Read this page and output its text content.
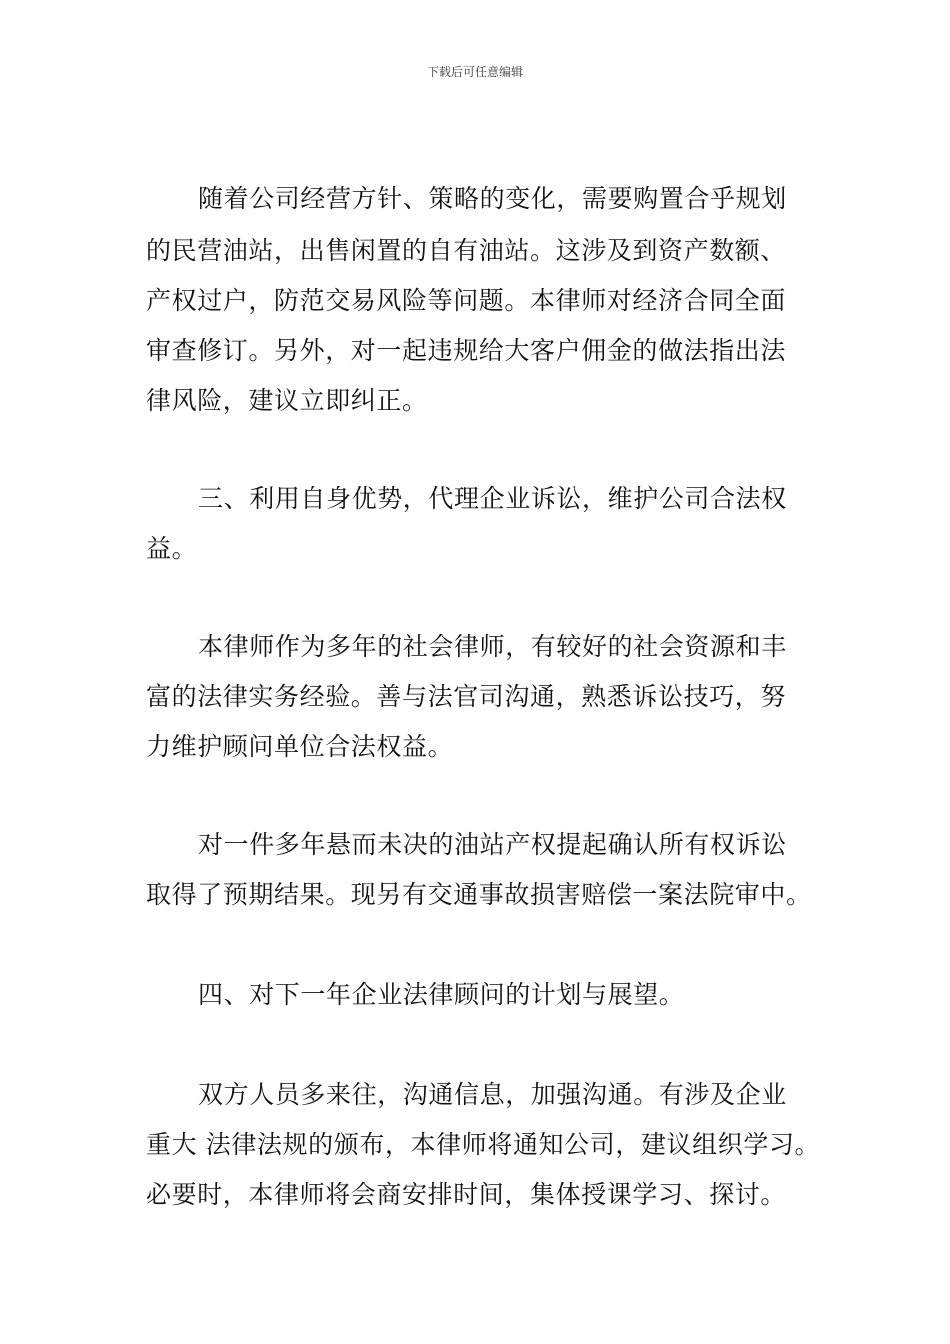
下载后可任意编辑
随着公司经营方针、策略的变化，需要购置合乎规划
的民营油站，出售闲置的自有油站。这涉及到资产数额、
产权过户，防范交易风险等问题。本律师对经济合同全面
审查修订。另外，对一起违规给大客户佣金的做法指出法
律风险，建议立即纠正。
三、利用自身优势，代理企业诉讼，维护公司合法权
益。
本律师作为多年的社会律师，有较好的社会资源和丰
富的法律实务经验。善与法官司沟通，熟悉诉讼技巧，努
力维护顾问单位合法权益。
对一件多年悬而未决的油站产权提起确认所有权诉讼
取得了预期结果。现另有交通事故损害赔偿一案法院审中。
四、对下一年企业法律顾问的计划与展望。
双方人员多来往，沟通信息，加强沟通。有涉及企业
重大 法律法规的颁布，本律师将通知公司，建议组织学习。
必要时，本律师将会商安排时间，集体授课学习、探讨。
